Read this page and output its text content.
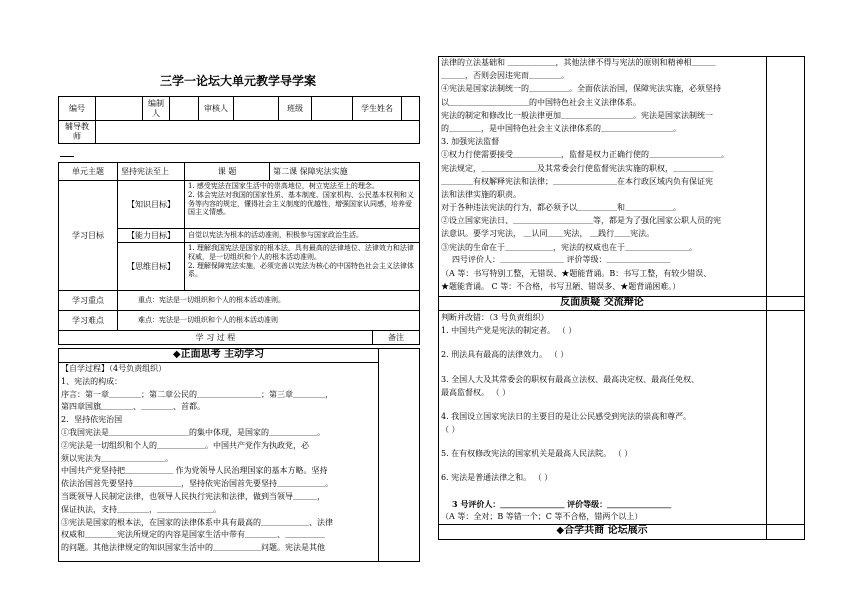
三学一论坛大单元教学导学案
编号		编制人		审核人		班级		学生姓名	
辅导教师									
单元主题	坚持宪法至上	课 题	第二课 保障宪法实施	
学习目标	【知识目标】	1. 感受宪法在国家生活中的崇高地位，树立宪法至上的理念。
2. 体会宪法对我国的国家性质、基本制度、国家机构、公民基本权利和义务等内容的规定，懂得社会主义制度的优越性，增强国家认同感，培养爱国主义情感。		

	【能力目标】	自觉以宪法为根本的活动准则，积极参与国家政治生活。		
	【思维目标】	1. 理解我国宪法是国家的根本法，具有最高的法律地位、法律效力和法律权威，是一切组织和个人的根本活动准则。
2. 理解保障宪法实施，必须完善以宪法为核心的中国特色社会主义法律体系。		

学习重点	重点：宪法是一切组织和个人的根本活动准则。			
学习难点	难点：宪法是一切组织和个人的根本活动准则			
学 习 过 程				备注
◆正面思考 主动学习
【自学过程】（4号负责组织）
1、宪法的构成：
序言：第一章＿＿＿＿；第二章公民的＿＿＿＿＿＿＿＿；第三章＿＿＿＿，
第四章国旗＿＿＿＿、＿＿＿＿、首都。
2．坚持依宪治国
①我国宪法是＿＿＿＿＿＿＿＿＿＿的集中体现，是国家的＿＿＿＿＿＿。
②宪法是一切组织和个人的＿＿＿＿＿＿。中国共产党作为执政党，必
须以宪法为＿＿＿＿＿＿＿＿。
中国共产党坚持把＿＿＿＿＿＿ 作为党领导人民治理国家的基本方略。坚持
依法治国首先要坚持＿＿＿＿＿＿，坚持依宪治国首先要坚持＿＿＿＿＿＿。
当既领导人民制定法律，也领导人民执行宪法和法律，做到当领导＿＿＿，
保证执法，支持＿＿＿＿，＿＿＿＿＿＿＿。
③宪法是国家的根本法，在国家的法律体系中具有最高的＿＿＿＿＿＿、法律
权威和＿＿＿＿宪法所规定的内容是国家生活中带有＿＿＿＿、＿＿＿＿＿
的问题。其他法律规定的知识国家生活中的＿＿＿＿＿＿问题。宪法是其他
法律的立法基础和 ＿＿＿＿＿＿，其他法律不得与宪法的原则和精神相＿＿＿
＿＿＿，否则会因违宪而＿＿＿＿。
④宪法是国家法制统一的＿＿＿＿＿。全面依法治国，保障宪法实施，必须坚持
以＿＿＿＿＿＿＿＿＿＿的中国特色社会主义法律体系。
宪法的制定和修改比一般法律更加＿＿＿＿＿＿＿＿＿。宪法是国家法制统一
的＿＿＿＿，是中国特色社会主义法律体系的＿＿＿＿＿＿＿＿＿。
3. 加强宪法监督
①权力行使需要接受＿＿＿＿＿＿，监督是权力正确行使的＿＿＿＿＿＿＿＿＿。
宪法规定，＿＿＿＿＿＿＿及其常委会行使监督宪法实施的职权，＿＿＿＿＿
＿＿＿＿有权解释宪法和法律；＿＿＿＿＿＿＿＿在本行政区域内负有保证宪
法和法律实施的职责。
对于各种违法宪法的行为，都必须予以＿＿＿＿＿和＿＿＿＿＿＿。
②设立国家宪法日、＿＿＿＿＿＿＿＿＿＿等，都是为了强化国家公职人员的宪
法意识。要学习宪法， ＿认同＿＿宪法， ＿践行＿＿宪法。
③宪法的生命在于＿＿＿＿＿＿，宪法的权威也在于＿＿＿＿＿＿＿＿。
四号评价人：＿＿＿＿＿＿＿＿ 评价等级：＿＿＿＿＿＿＿＿
（A 等：书写特别工整，无错误、★题能背诵。B：书写工整，有较少错误、
★题能背诵。 C 等：不合格，书写丑陋、错误多、★题背诵困难。）
反面质疑 交流辩论
判断并改错：（3 号负责组织）
1. 中国共产党是宪法的制定者。 （ ）
2. 刑法具有最高的法律效力。 （ ）
3. 全国人大及其常委会的职权有最高立法权、最高决定权、最高任免权、
最高监督权。 （ ）
4. 我国设立国家宪法日的主要目的是让公民感受到宪法的崇高和尊严。
（ ）
5. 在有权修改宪法的国家机关是最高人民法院。 （ ）
6. 宪法是普通法律之和。 （ ）
3 号评价人：＿＿＿＿＿＿＿＿ 评价等级：＿＿＿＿＿＿＿＿
（A 等：全对；B 等错一个；C 等不合格，错两个以上）
◆合学共商 论坛展示
